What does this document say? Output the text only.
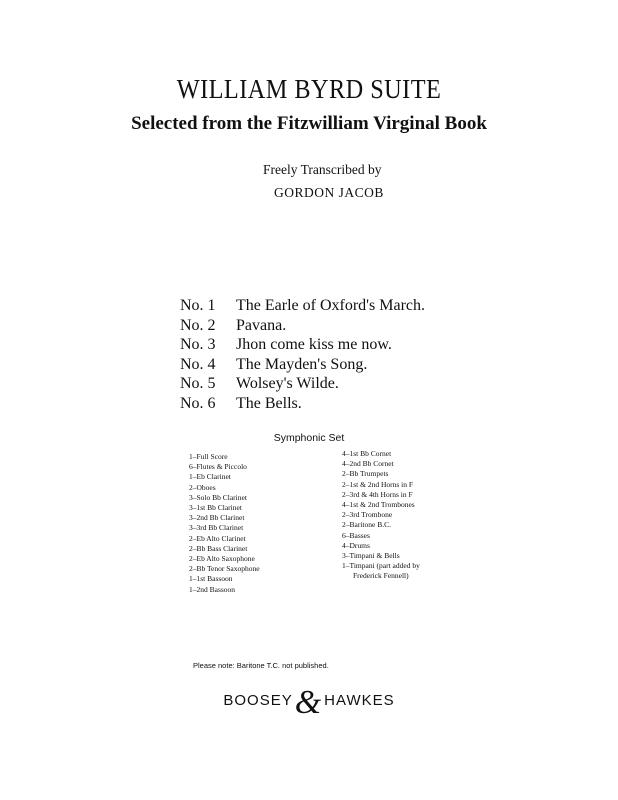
WILLIAM BYRD SUITE
Selected from the Fitzwilliam Virginal Book
Freely Transcribed by
GORDON JACOB
No. 1 The Earle of Oxford's March.
No. 2 Pavana.
No. 3 Jhon come kiss me now.
No. 4 The Mayden's Song.
No. 5 Wolsey's Wilde.
No. 6 The Bells.
Symphonic Set
1–Full Score
6–Flutes & Piccolo
1–Eb Clarinet
2–Oboes
3–Solo Bb Clarinet
3–1st Bb Clarinet
3–2nd Bb Clarinet
3–3rd Bb Clarinet
2–Eb Alto Clarinet
2–Bb Bass Clarinet
2–Eb Alto Saxophone
2–Bb Tenor Saxophone
1–1st Bassoon
1–2nd Bassoon
4–1st Bb Cornet
4–2nd Bb Cornet
2–Bb Trumpets
2–1st & 2nd Horns in F
2–3rd & 4th Horns in F
4–1st & 2nd Trombones
2–3rd Trombone
2–Baritone B.C.
6–Basses
4–Drums
3–Timpani & Bells
1–Timpani (part added by
Frederick Fennell)
Please note: Baritone T.C. not published.
BOOSEY& HAWKES
